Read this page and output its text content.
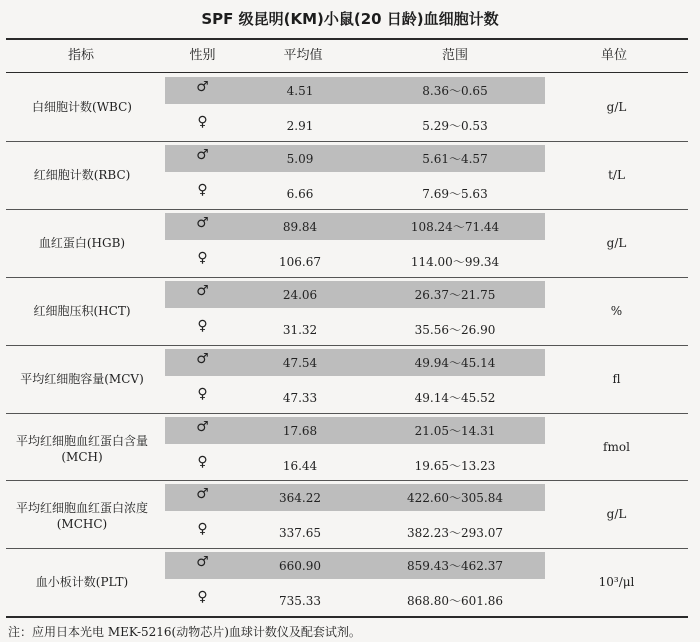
SPF 级昆明(KM)小鼠(20 日龄)血细胞计数
指标	性别	平均值	范围	单位
白细胞计数(WBC)
♂	4.51	8.36～0.65
♀	2.91	5.29～0.53
g/L
红细胞计数(RBC)
♂	5.09	5.61～4.57
♀	6.66	7.69～5.63
t/L
血红蛋白(HGB)
♂	89.84	108.24～71.44
♀	106.67	114.00～99.34
g/L
红细胞压积(HCT)
♂	24.06	26.37～21.75
♀	31.32	35.56～26.90
%
平均红细胞容量(MCV)
♂	47.54	49.94～45.14
♀	47.33	49.14～45.52
fl
平均红细胞血红蛋白含量(MCH)
♂	17.68	21.05～14.31
♀	16.44	19.65～13.23
fmol
平均红细胞血红蛋白浓度(MCHC)
♂	364.22	422.60～305.84
♀	337.65	382.23～293.07
g/L
血小板计数(PLT)
♂	660.90	859.43～462.37
♀	735.33	868.80～601.86
10³/μl
注：应用日本光电 MEK-5216(动物芯片)血球计数仪及配套试剂。
